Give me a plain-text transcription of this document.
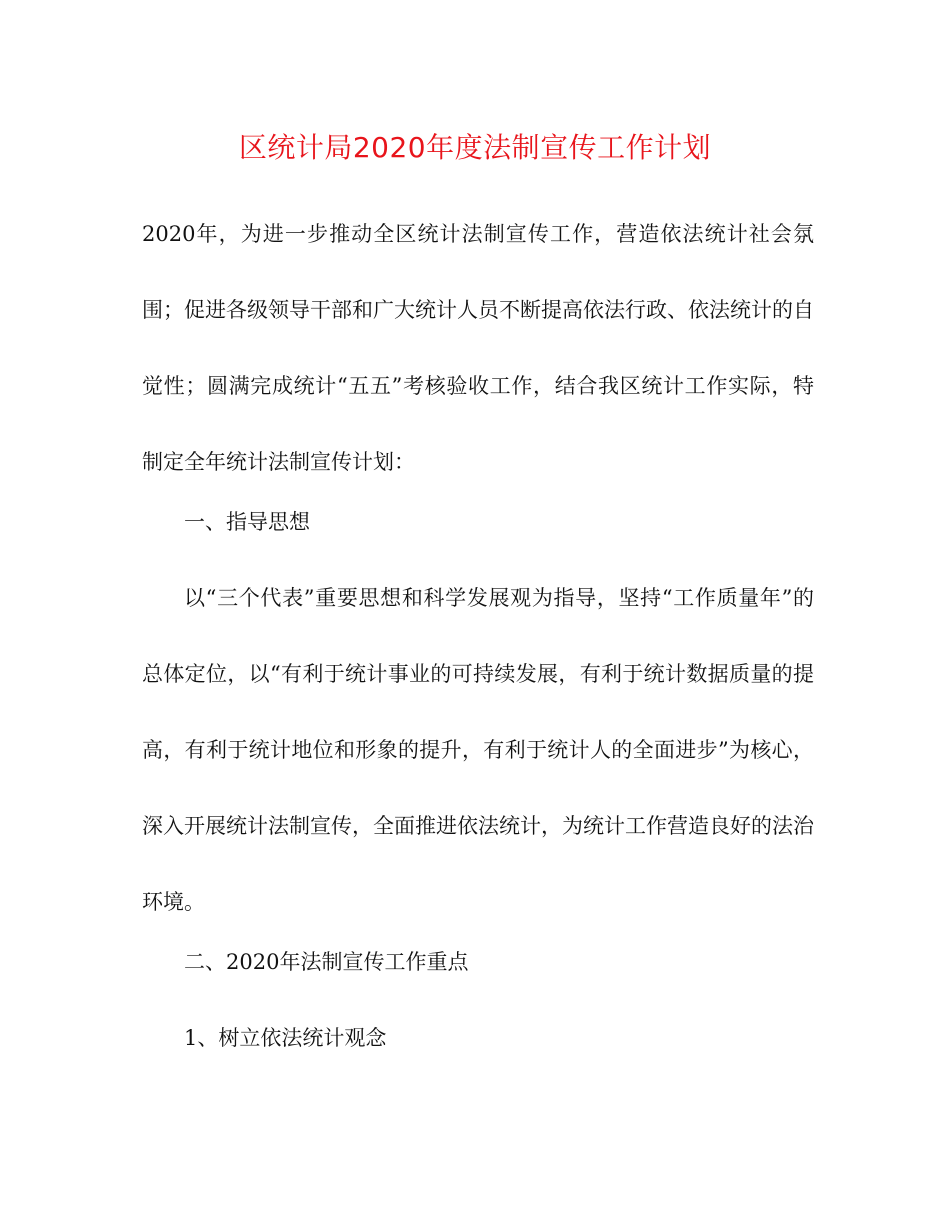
区统计局2020年度法制宣传工作计划

2020年，为进一步推动全区统计法制宣传工作，营造依法统计社会氛围；促进各级领导干部和广大统计人员不断提高依法行政、依法统计的自觉性；圆满完成统计“五五”考核验收工作，结合我区统计工作实际，特制定全年统计法制宣传计划：

一、指导思想

以“三个代表”重要思想和科学发展观为指导，坚持“工作质量年”的总体定位，以“有利于统计事业的可持续发展，有利于统计数据质量的提高，有利于统计地位和形象的提升，有利于统计人的全面进步”为核心，深入开展统计法制宣传，全面推进依法统计，为统计工作营造良好的法治环境。

二、2020年法制宣传工作重点

1、树立依法统计观念
